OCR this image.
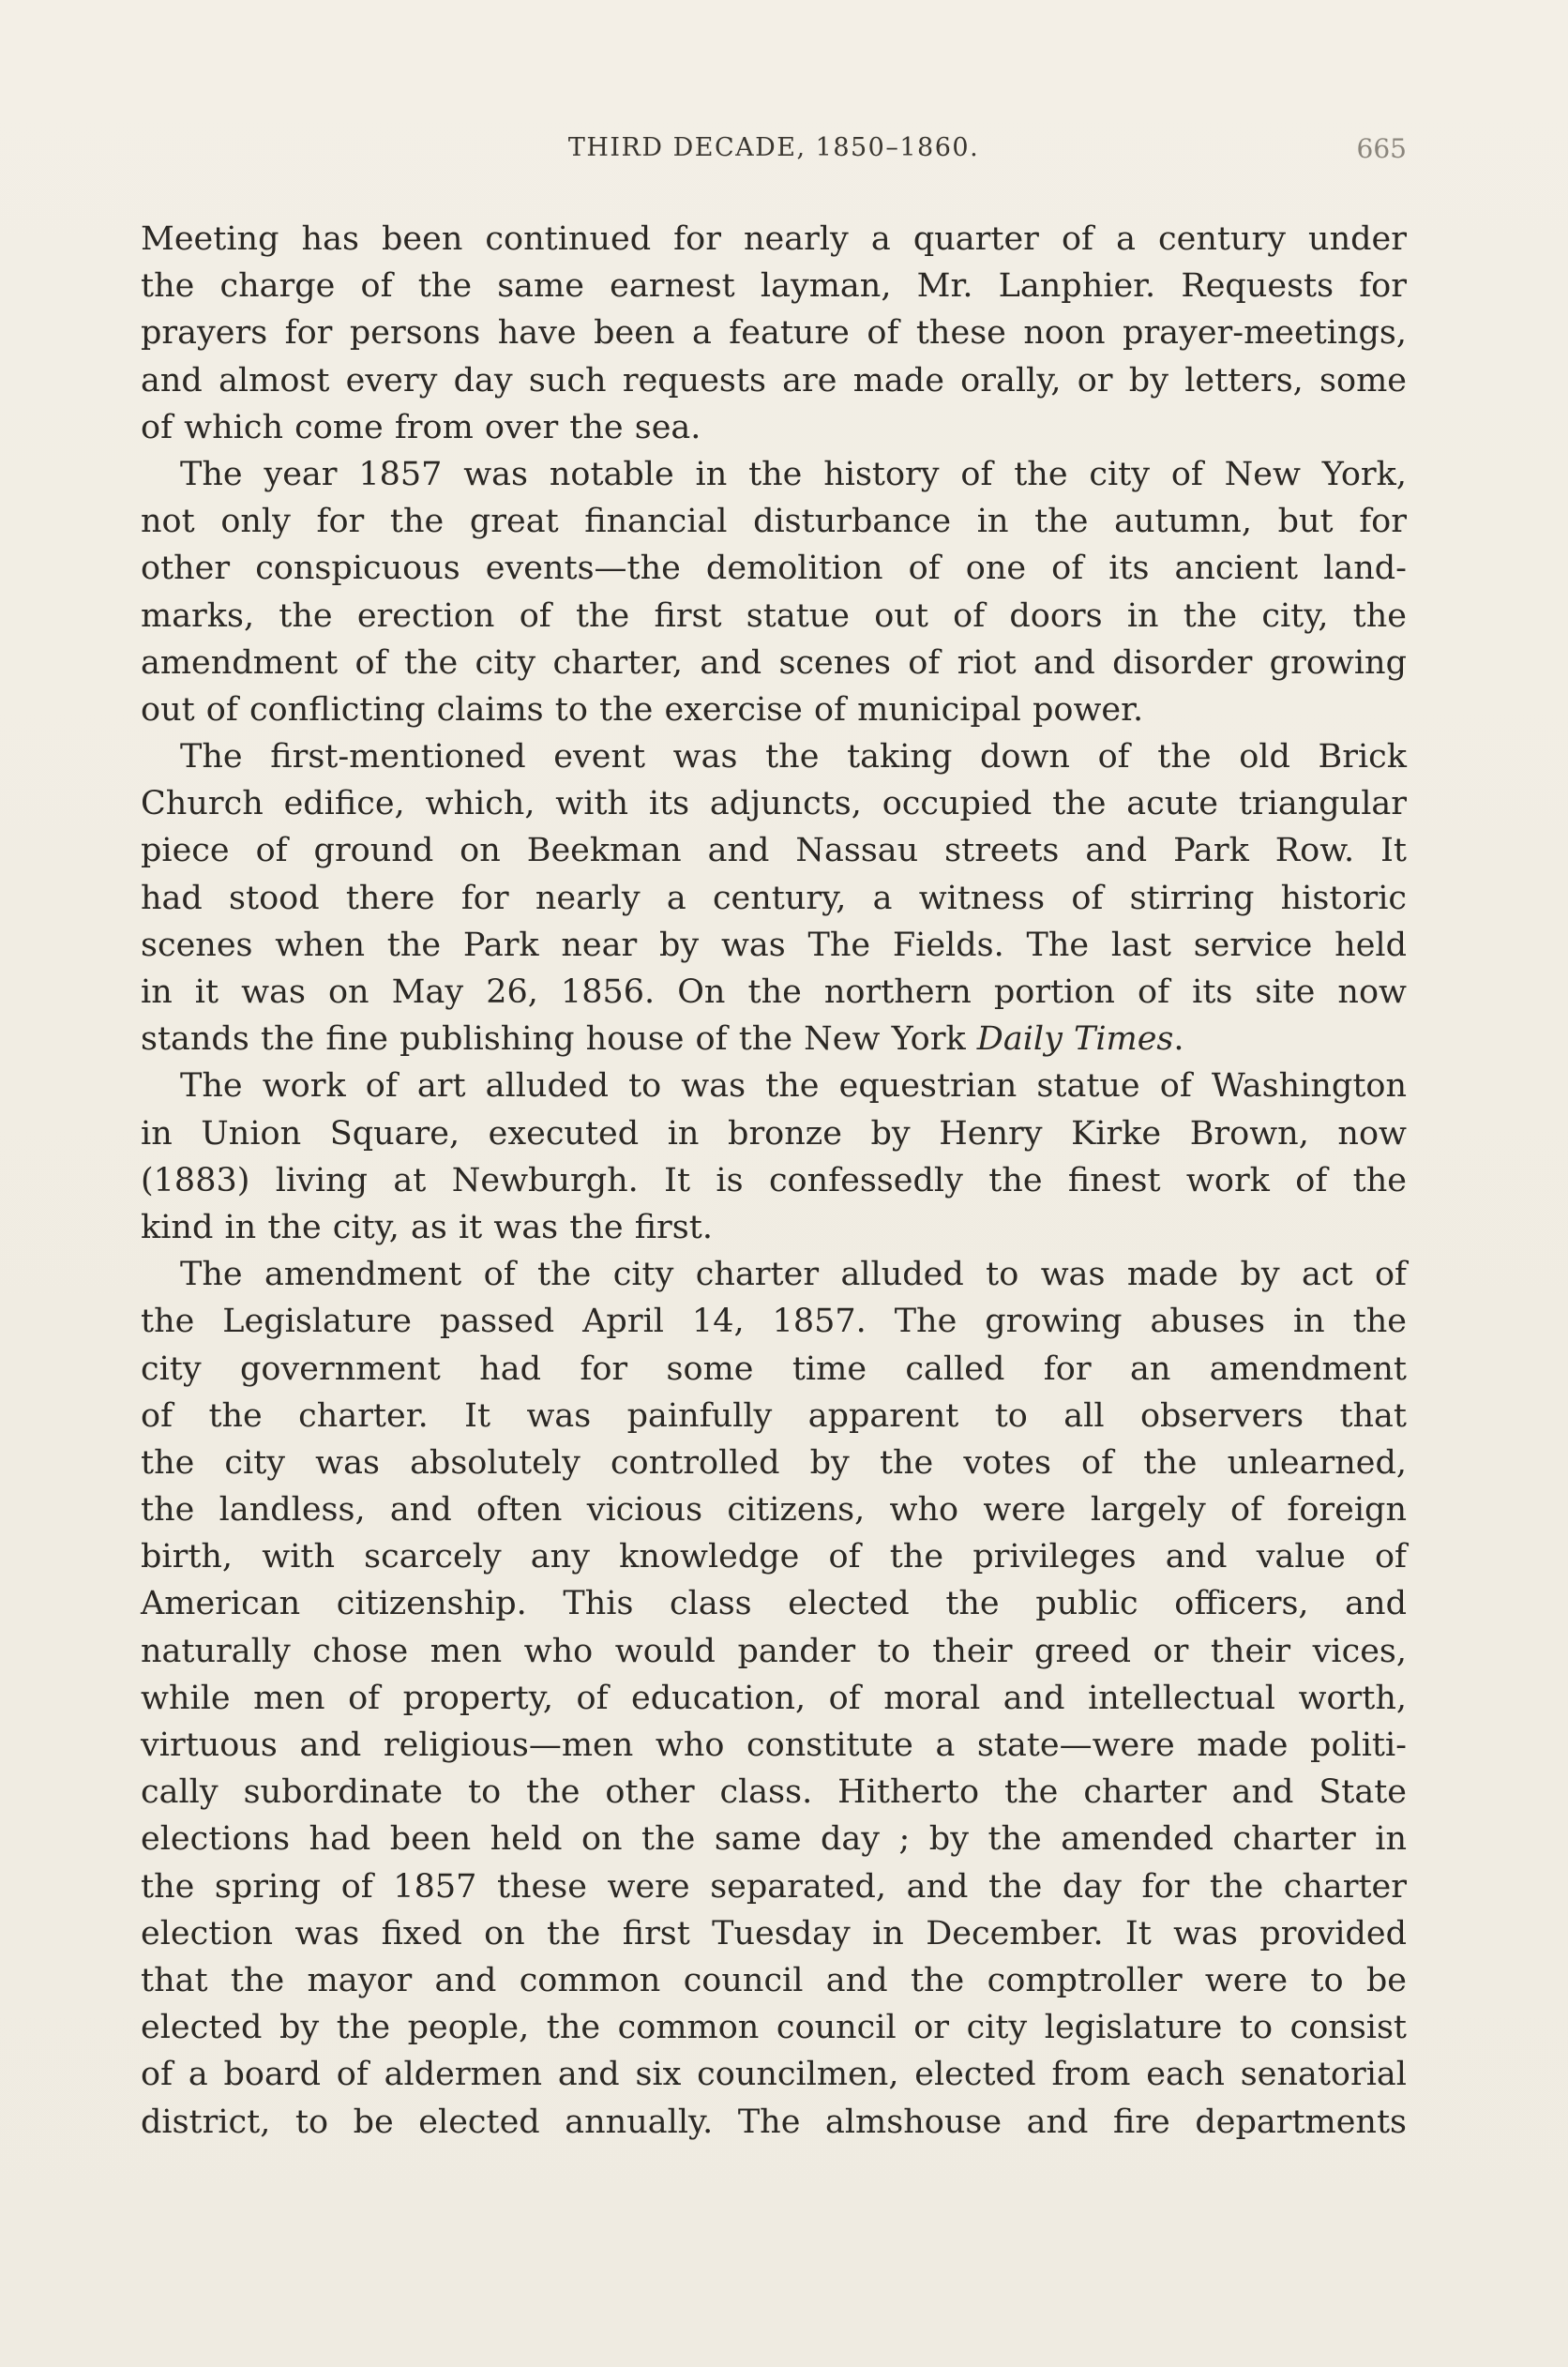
THIRD DECADE, 1850–1860.	665
Meeting has been continued for nearly a quarter of a century under
the charge of the same earnest layman, Mr. Lanphier. Requests for
prayers for persons have been a feature of these noon prayer-meetings,
and almost every day such requests are made orally, or by letters, some
of which come from over the sea.
The year 1857 was notable in the history of the city of New York,
not only for the great financial disturbance in the autumn, but for
other conspicuous events—the demolition of one of its ancient land-
marks, the erection of the first statue out of doors in the city, the
amendment of the city charter, and scenes of riot and disorder growing
out of conflicting claims to the exercise of municipal power.
The first-mentioned event was the taking down of the old Brick
Church edifice, which, with its adjuncts, occupied the acute triangular
piece of ground on Beekman and Nassau streets and Park Row. It
had stood there for nearly a century, a witness of stirring historic
scenes when the Park near by was The Fields. The last service held
in it was on May 26, 1856. On the northern portion of its site now
stands the fine publishing house of the New York Daily Times.
The work of art alluded to was the equestrian statue of Washington
in Union Square, executed in bronze by Henry Kirke Brown, now
(1883) living at Newburgh. It is confessedly the finest work of the
kind in the city, as it was the first.
The amendment of the city charter alluded to was made by act of
the Legislature passed April 14, 1857. The growing abuses in the
city government had for some time called for an amendment
of the charter. It was painfully apparent to all observers that
the city was absolutely controlled by the votes of the unlearned,
the landless, and often vicious citizens, who were largely of foreign
birth, with scarcely any knowledge of the privileges and value of
American citizenship. This class elected the public officers, and
naturally chose men who would pander to their greed or their vices,
while men of property, of education, of moral and intellectual worth,
virtuous and religious—men who constitute a state—were made politi-
cally subordinate to the other class. Hitherto the charter and State
elections had been held on the same day ; by the amended charter in
the spring of 1857 these were separated, and the day for the charter
election was fixed on the first Tuesday in December. It was provided
that the mayor and common council and the comptroller were to be
elected by the people, the common council or city legislature to consist
of a board of aldermen and six councilmen, elected from each senatorial
district, to be elected annually. The almshouse and fire departments
